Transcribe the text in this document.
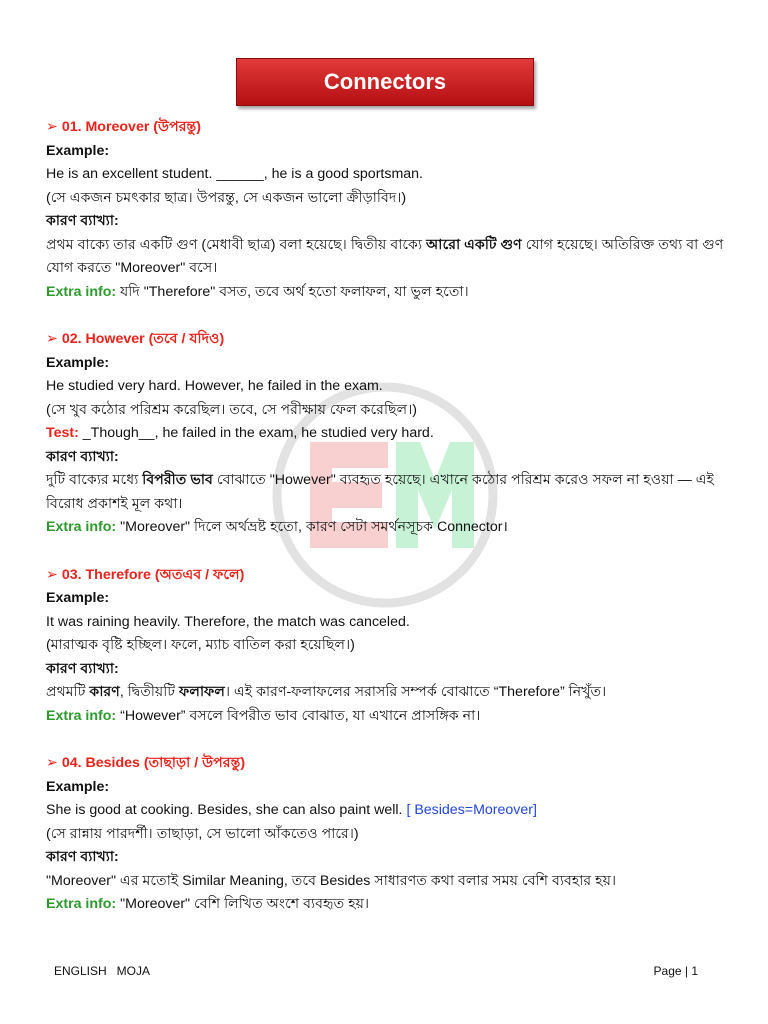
Connectors
➢ 01. Moreover (উপরন্তু)
Example:
He is an excellent student. ______, he is a good sportsman.
(সে একজন চমৎকার ছাত্র। উপরন্তু, সে একজন ভালো ক্রীড়াবিদ।)
কারণ ব্যাখ্যা:
প্রথম বাক্যে তার একটি গুণ (মেধাবী ছাত্র) বলা হয়েছে। দ্বিতীয় বাক্যে আরো একটি গুণ যোগ হয়েছে। অতিরিক্ত তথ্য বা গুণ যোগ করতে "Moreover" বসে।
Extra info: যদি "Therefore" বসত, তবে অর্থ হতো ফলাফল, যা ভুল হতো।
➢ 02. However (তবে / যদিও)
Example:
He studied very hard. However, he failed in the exam.
(সে খুব কঠোর পরিশ্রম করেছিল। তবে, সে পরীক্ষায় ফেল করেছিল।)
Test: _Though__, he failed in the exam, he studied very hard.
কারণ ব্যাখ্যা:
দুটি বাক্যের মধ্যে বিপরীত ভাব বোঝাতে "However" ব্যবহৃত হয়েছে। এখানে কঠোর পরিশ্রম করেও সফল না হওয়া — এই বিরোধ প্রকাশই মূল কথা।
Extra info: "Moreover" দিলে অর্থভ্রষ্ট হতো, কারণ সেটা সমর্থনসূচক Connector।
➢ 03. Therefore (অতএব / ফলে)
Example:
It was raining heavily. Therefore, the match was canceled.
(মারাত্মক বৃষ্টি হচ্ছিল। ফলে, ম্যাচ বাতিল করা হয়েছিল।)
কারণ ব্যাখ্যা:
প্রথমটি কারণ, দ্বিতীয়টি ফলাফল। এই কারণ-ফলাফলের সরাসরি সম্পর্ক বোঝাতে “Therefore” নিখুঁত।
Extra info: “However” বসলে বিপরীত ভাব বোঝাত, যা এখানে প্রাসঙ্গিক না।
➢ 04. Besides (তাছাড়া / উপরন্তু)
Example:
She is good at cooking. Besides, she can also paint well. [ Besides=Moreover]
(সে রান্নায় পারদর্শী। তাছাড়া, সে ভালো আঁকতেও পারে।)
কারণ ব্যাখ্যা:
"Moreover" এর মতোই Similar Meaning, তবে Besides সাধারণত কথা বলার সময় বেশি ব্যবহার হয়।
Extra info: "Moreover" বেশি লিখিত অংশে ব্যবহৃত হয়।
ENGLISH   MOJA	Page | 1
